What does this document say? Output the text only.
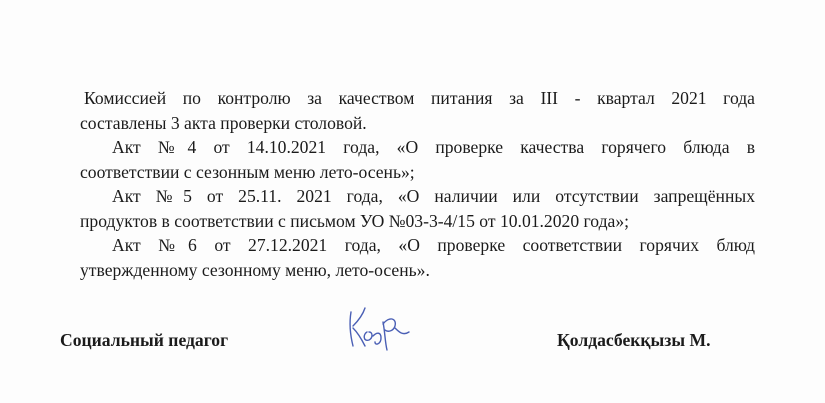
Комиссией по контролю за качеством питания за III - квартал 2021 года
составлены 3 акта проверки столовой.

Акт №4 от 14.10.2021 года, «О проверке качества горячего блюда в
соответствии с сезонным меню лето-осень»;

Акт №5 от 25.11. 2021 года, «О наличии или отсутствии запрещённых
продуктов в соответствии с письмом УО №03-3-4/15 от 10.01.2020 года»;

Акт №6 от 27.12.2021 года, «О проверке соответствии горячих блюд
утвержденному сезонному меню, лето-осень».

Социальный педагог	Қолдасбекқызы М.
